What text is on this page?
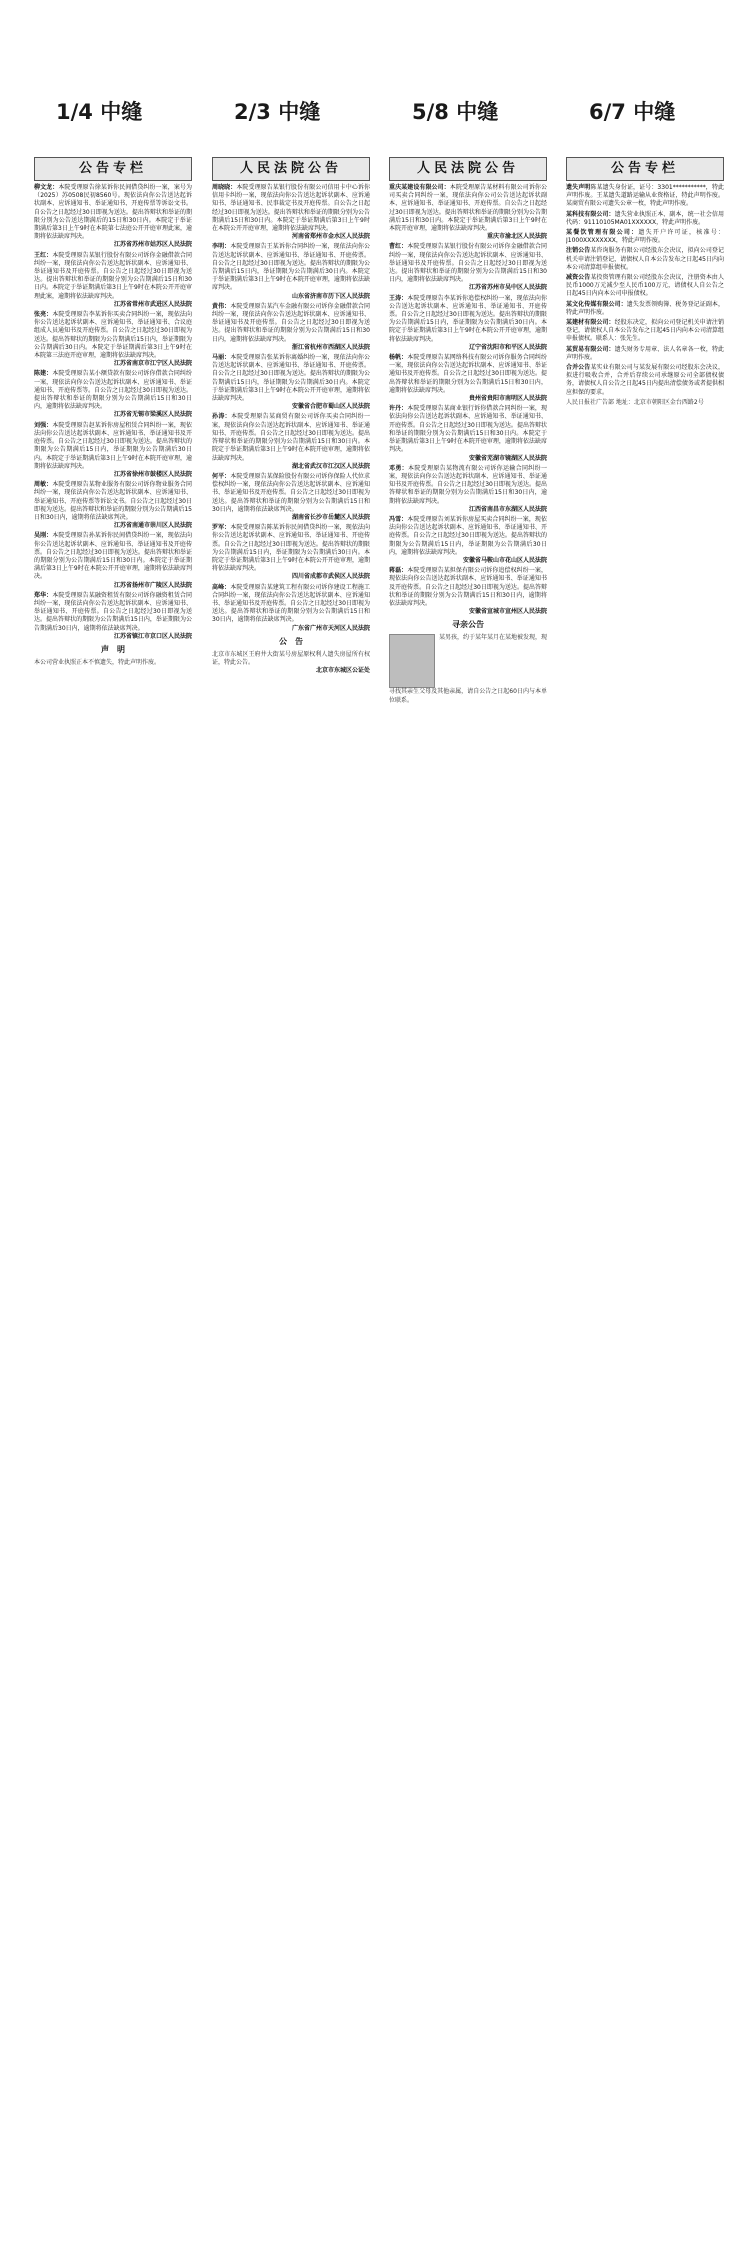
1/4 中缝	2/3 中缝	5/8 中缝	6/7 中缝
公告专栏
柳文龙：本院受理原告徐某诉你民间借贷纠纷一案，案号为（2025）苏0508民初8560号。现依法向你公告送达起诉状副本、应诉通知书、举证通知书、开庭传票等诉讼文书。自公告之日起经过30日即视为送达。提出答辩状和举证的期限分别为公告送达期满后的15日和30日内。本院定于举证期满后第3日上午9时在本院第七法庭公开开庭审理此案，逾期将依法缺席判决。
江苏省苏州市姑苏区人民法院
王红：本院受理原告某银行股份有限公司诉你金融借款合同纠纷一案，现依法向你公告送达起诉状副本、应诉通知书、举证通知书及开庭传票。自公告之日起经过30日即视为送达。提出答辩状和举证的期限分别为公告期满后15日和30日内。本院定于举证期满后第3日上午9时在本院公开开庭审理此案，逾期将依法缺席判决。
江苏省常州市武进区人民法院
张亮：本院受理原告李某诉你买卖合同纠纷一案，现依法向你公告送达起诉状副本、应诉通知书、举证通知书、合议庭组成人员通知书及开庭传票。自公告之日起经过30日即视为送达。提出答辩状的期限为公告期满后15日内，举证期限为公告期满后30日内。本院定于举证期满后第3日上午9时在本院第三法庭开庭审理，逾期将依法缺席判决。
江苏省南京市江宁区人民法院
陈建：本院受理原告某小额贷款有限公司诉你借款合同纠纷一案，现依法向你公告送达起诉状副本、应诉通知书、举证通知书、开庭传票等。自公告之日起经过30日即视为送达。提出答辩状和举证的期限分别为公告期满后15日和30日内，逾期将依法缺席判决。
江苏省无锡市梁溪区人民法院
刘强：本院受理原告赵某诉你房屋租赁合同纠纷一案，现依法向你公告送达起诉状副本、应诉通知书、举证通知书及开庭传票。自公告之日起经过30日即视为送达。提出答辩状的期限为公告期满后15日内，举证期限为公告期满后30日内。本院定于举证期满后第3日上午9时在本院开庭审理，逾期将依法缺席判决。
江苏省徐州市鼓楼区人民法院
周敏：本院受理原告某物业服务有限公司诉你物业服务合同纠纷一案，现依法向你公告送达起诉状副本、应诉通知书、举证通知书、开庭传票等诉讼文书。自公告之日起经过30日即视为送达。提出答辩状和举证的期限分别为公告期满后15日和30日内，逾期将依法缺席判决。
江苏省南通市崇川区人民法院
吴刚：本院受理原告孙某诉你民间借贷纠纷一案，现依法向你公告送达起诉状副本、应诉通知书、举证通知书及开庭传票。自公告之日起经过30日即视为送达。提出答辩状和举证的期限分别为公告期满后15日和30日内。本院定于举证期满后第3日上午9时在本院公开开庭审理，逾期将依法缺席判决。
江苏省扬州市广陵区人民法院
郑华：本院受理原告某融资租赁有限公司诉你融资租赁合同纠纷一案，现依法向你公告送达起诉状副本、应诉通知书、举证通知书、开庭传票。自公告之日起经过30日即视为送达。提出答辩状的期限为公告期满后15日内，举证期限为公告期满后30日内，逾期将依法缺席判决。
江苏省镇江市京口区人民法院
声　明
本公司营业执照正本不慎遗失，特此声明作废。
人民法院公告
周晓晓：本院受理原告某银行股份有限公司信用卡中心诉你信用卡纠纷一案，现依法向你公告送达起诉状副本、应诉通知书、举证通知书、民事裁定书及开庭传票。自公告之日起经过30日即视为送达。提出答辩状和举证的期限分别为公告期满后15日和30日内。本院定于举证期满后第3日上午9时在本院公开开庭审理，逾期将依法缺席判决。
河南省郑州市金水区人民法院
李明：本院受理原告王某诉你合同纠纷一案，现依法向你公告送达起诉状副本、应诉通知书、举证通知书、开庭传票。自公告之日起经过30日即视为送达。提出答辩状的期限为公告期满后15日内，举证期限为公告期满后30日内。本院定于举证期满后第3日上午9时在本院开庭审理，逾期将依法缺席判决。
山东省济南市历下区人民法院
黄伟：本院受理原告某汽车金融有限公司诉你金融借款合同纠纷一案，现依法向你公告送达起诉状副本、应诉通知书、举证通知书及开庭传票。自公告之日起经过30日即视为送达。提出答辩状和举证的期限分别为公告期满后15日和30日内，逾期将依法缺席判决。
浙江省杭州市西湖区人民法院
马丽：本院受理原告张某诉你离婚纠纷一案，现依法向你公告送达起诉状副本、应诉通知书、举证通知书、开庭传票。自公告之日起经过30日即视为送达。提出答辩状的期限为公告期满后15日内，举证期限为公告期满后30日内。本院定于举证期满后第3日上午9时在本院公开开庭审理，逾期将依法缺席判决。
安徽省合肥市蜀山区人民法院
孙涛：本院受理原告某商贸有限公司诉你买卖合同纠纷一案，现依法向你公告送达起诉状副本、应诉通知书、举证通知书、开庭传票。自公告之日起经过30日即视为送达。提出答辩状和举证的期限分别为公告期满后15日和30日内。本院定于举证期满后第3日上午9时在本院开庭审理，逾期将依法缺席判决。
湖北省武汉市江汉区人民法院
何平：本院受理原告某保险股份有限公司诉你保险人代位求偿权纠纷一案，现依法向你公告送达起诉状副本、应诉通知书、举证通知书及开庭传票。自公告之日起经过30日即视为送达。提出答辩状和举证的期限分别为公告期满后15日和30日内，逾期将依法缺席判决。
湖南省长沙市岳麓区人民法院
罗军：本院受理原告陈某诉你民间借贷纠纷一案，现依法向你公告送达起诉状副本、应诉通知书、举证通知书、开庭传票。自公告之日起经过30日即视为送达。提出答辩状的期限为公告期满后15日内，举证期限为公告期满后30日内。本院定于举证期满后第3日上午9时在本院公开开庭审理，逾期将依法缺席判决。
四川省成都市武侯区人民法院
高峰：本院受理原告某建筑工程有限公司诉你建设工程施工合同纠纷一案，现依法向你公告送达起诉状副本、应诉通知书、举证通知书及开庭传票。自公告之日起经过30日即视为送达。提出答辩状和举证的期限分别为公告期满后15日和30日内，逾期将依法缺席判决。
广东省广州市天河区人民法院
公　告
北京市东城区王府井大街某号房屋原权利人遗失房屋所有权证，特此公告。
北京市东城区公证处
人民法院公告
重庆某建设有限公司：本院受理原告某材料有限公司诉你公司买卖合同纠纷一案，现依法向你公司公告送达起诉状副本、应诉通知书、举证通知书、开庭传票。自公告之日起经过30日即视为送达。提出答辩状和举证的期限分别为公告期满后15日和30日内。本院定于举证期满后第3日上午9时在本院开庭审理，逾期将依法缺席判决。
重庆市渝北区人民法院
曹红：本院受理原告某银行股份有限公司诉你金融借款合同纠纷一案，现依法向你公告送达起诉状副本、应诉通知书、举证通知书及开庭传票。自公告之日起经过30日即视为送达。提出答辩状和举证的期限分别为公告期满后15日和30日内，逾期将依法缺席判决。
江苏省苏州市吴中区人民法院
王涛：本院受理原告李某诉你追偿权纠纷一案，现依法向你公告送达起诉状副本、应诉通知书、举证通知书、开庭传票。自公告之日起经过30日即视为送达。提出答辩状的期限为公告期满后15日内，举证期限为公告期满后30日内。本院定于举证期满后第3日上午9时在本院公开开庭审理，逾期将依法缺席判决。
辽宁省沈阳市和平区人民法院
杨帆：本院受理原告某网络科技有限公司诉你服务合同纠纷一案，现依法向你公告送达起诉状副本、应诉通知书、举证通知书及开庭传票。自公告之日起经过30日即视为送达。提出答辩状和举证的期限分别为公告期满后15日和30日内，逾期将依法缺席判决。
贵州省贵阳市南明区人民法院
许丹：本院受理原告某商业银行诉你借款合同纠纷一案，现依法向你公告送达起诉状副本、应诉通知书、举证通知书、开庭传票。自公告之日起经过30日即视为送达。提出答辩状和举证的期限分别为公告期满后15日和30日内。本院定于举证期满后第3日上午9时在本院开庭审理，逾期将依法缺席判决。
安徽省芜湖市镜湖区人民法院
邓勇：本院受理原告某物流有限公司诉你运输合同纠纷一案，现依法向你公告送达起诉状副本、应诉通知书、举证通知书及开庭传票。自公告之日起经过30日即视为送达。提出答辩状和举证的期限分别为公告期满后15日和30日内，逾期将依法缺席判决。
江西省南昌市东湖区人民法院
冯雪：本院受理原告刘某诉你房屋买卖合同纠纷一案，现依法向你公告送达起诉状副本、应诉通知书、举证通知书、开庭传票。自公告之日起经过30日即视为送达。提出答辩状的期限为公告期满后15日内，举证期限为公告期满后30日内，逾期将依法缺席判决。
安徽省马鞍山市花山区人民法院
蒋磊：本院受理原告某担保有限公司诉你追偿权纠纷一案，现依法向你公告送达起诉状副本、应诉通知书、举证通知书及开庭传票。自公告之日起经过30日即视为送达。提出答辩状和举证的期限分别为公告期满后15日和30日内，逾期将依法缺席判决。
安徽省宣城市宣州区人民法院
寻亲公告
某男孩，约于某年某月在某地被发现，现寻找其亲生父母及其他亲属，请自公告之日起60日内与本单位联系。
公告专栏
遗失声明陈某遗失身份证，证号：3301***********，特此声明作废。王某遗失道路运输从业资格证，特此声明作废。某商贸有限公司遗失公章一枚，特此声明作废。
某科技有限公司：遗失营业执照正本、副本，统一社会信用代码：91110105MA01XXXXXX，特此声明作废。
某餐饮管理有限公司：遗失开户许可证，核准号：J1000XXXXXXXX，特此声明作废。
注销公告某咨询服务有限公司经股东会决议，拟向公司登记机关申请注销登记，请债权人自本公告发布之日起45日内向本公司清算组申报债权。
减资公告某投资管理有限公司经股东会决议，注册资本由人民币1000万元减少至人民币100万元，请债权人自公告之日起45日内向本公司申报债权。
某文化传媒有限公司：遗失发票领购簿、税务登记证副本，特此声明作废。
某建材有限公司：经股东决定，拟向公司登记机关申请注销登记，请债权人自本公告发布之日起45日内向本公司清算组申报债权。联系人：张先生。
某贸易有限公司：遗失财务专用章、法人名章各一枚，特此声明作废。
合并公告某实业有限公司与某发展有限公司经股东会决议，拟进行吸收合并，合并后存续公司承继原公司全部债权债务，请债权人自公告之日起45日内提出清偿债务或者提供相应担保的要求。
人民日报社广告部 地址：北京市朝阳区金台西路2号
